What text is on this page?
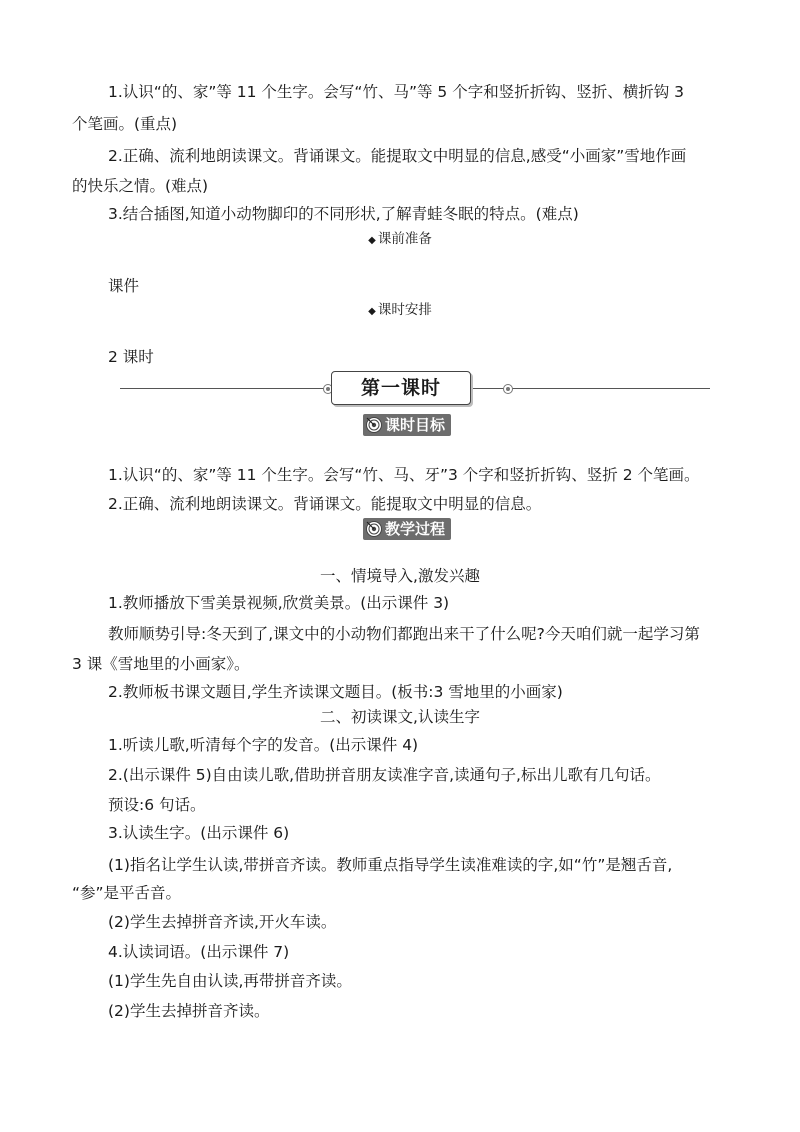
1.认识“的、家”等 11 个生字。会写“竹、马”等 5 个字和竖折折钩、竖折、横折钩 3
个笔画。(重点)
2.正确、流利地朗读课文。背诵课文。能提取文中明显的信息,感受“小画家”雪地作画
的快乐之情。(难点)
3.结合插图,知道小动物脚印的不同形状,了解青蛙冬眠的特点。(难点)
◆ 课前准备
课件
◆ 课时安排
2 课时
第一课时
课时目标
1.认识“的、家”等 11 个生字。会写“竹、马、牙”3 个字和竖折折钩、竖折 2 个笔画。
2.正确、流利地朗读课文。背诵课文。能提取文中明显的信息。
教学过程
一、情境导入,激发兴趣
1.教师播放下雪美景视频,欣赏美景。(出示课件 3)
教师顺势引导:冬天到了,课文中的小动物们都跑出来干了什么呢?今天咱们就一起学习第
3 课《雪地里的小画家》。
2.教师板书课文题目,学生齐读课文题目。(板书:3 雪地里的小画家)
二、初读课文,认读生字
1.听读儿歌,听清每个字的发音。(出示课件 4)
2.(出示课件 5)自由读儿歌,借助拼音朋友读准字音,读通句子,标出儿歌有几句话。
预设:6 句话。
3.认读生字。(出示课件 6)
(1)指名让学生认读,带拼音齐读。教师重点指导学生读准难读的字,如“竹”是翘舌音,
“参”是平舌音。
(2)学生去掉拼音齐读,开火车读。
4.认读词语。(出示课件 7)
(1)学生先自由认读,再带拼音齐读。
(2)学生去掉拼音齐读。
